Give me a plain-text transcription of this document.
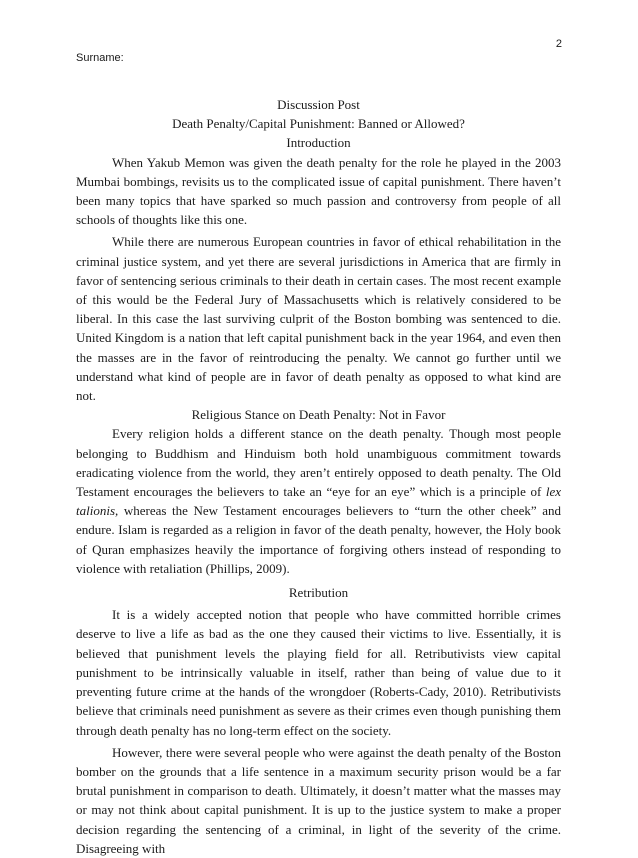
2
Surname:

Discussion Post

Death Penalty/Capital Punishment: Banned or Allowed?

Introduction

When Yakub Memon was given the death penalty for the role he played in the 2003 Mumbai bombings, revisits us to the complicated issue of capital punishment. There haven’t been many topics that have sparked so much passion and controversy from people of all schools of thoughts like this one.

While there are numerous European countries in favor of ethical rehabilitation in the criminal justice system, and yet there are several jurisdictions in America that are firmly in favor of sentencing serious criminals to their death in certain cases. The most recent example of this would be the Federal Jury of Massachusetts which is relatively considered to be liberal. In this case the last surviving culprit of the Boston bombing was sentenced to die. United Kingdom is a nation that left capital punishment back in the year 1964, and even then the masses are in the favor of reintroducing the penalty. We cannot go further until we understand what kind of people are in favor of death penalty as opposed to what kind are not.

Religious Stance on Death Penalty: Not in Favor

Every religion holds a different stance on the death penalty. Though most people belonging to Buddhism and Hinduism both hold unambiguous commitment towards eradicating violence from the world, they aren’t entirely opposed to death penalty. The Old Testament encourages the believers to take an “eye for an eye” which is a principle of lex talionis, whereas the New Testament encourages believers to “turn the other cheek” and endure. Islam is regarded as a religion in favor of the death penalty, however, the Holy book of Quran emphasizes heavily the importance of forgiving others instead of responding to violence with retaliation (Phillips, 2009).

Retribution

It is a widely accepted notion that people who have committed horrible crimes deserve to live a life as bad as the one they caused their victims to live. Essentially, it is believed that punishment levels the playing field for all. Retributivists view capital punishment to be intrinsically valuable in itself, rather than being of value due to it preventing future crime at the hands of the wrongdoer (Roberts-Cady, 2010). Retributivists believe that criminals need punishment as severe as their crimes even though punishing them through death penalty has no long-term effect on the society.

However, there were several people who were against the death penalty of the Boston bomber on the grounds that a life sentence in a maximum security prison would be a far brutal punishment in comparison to death. Ultimately, it doesn’t matter what the masses may or may not think about capital punishment. It is up to the justice system to make a proper decision regarding the sentencing of a criminal, in light of the severity of the crime. Disagreeing with
